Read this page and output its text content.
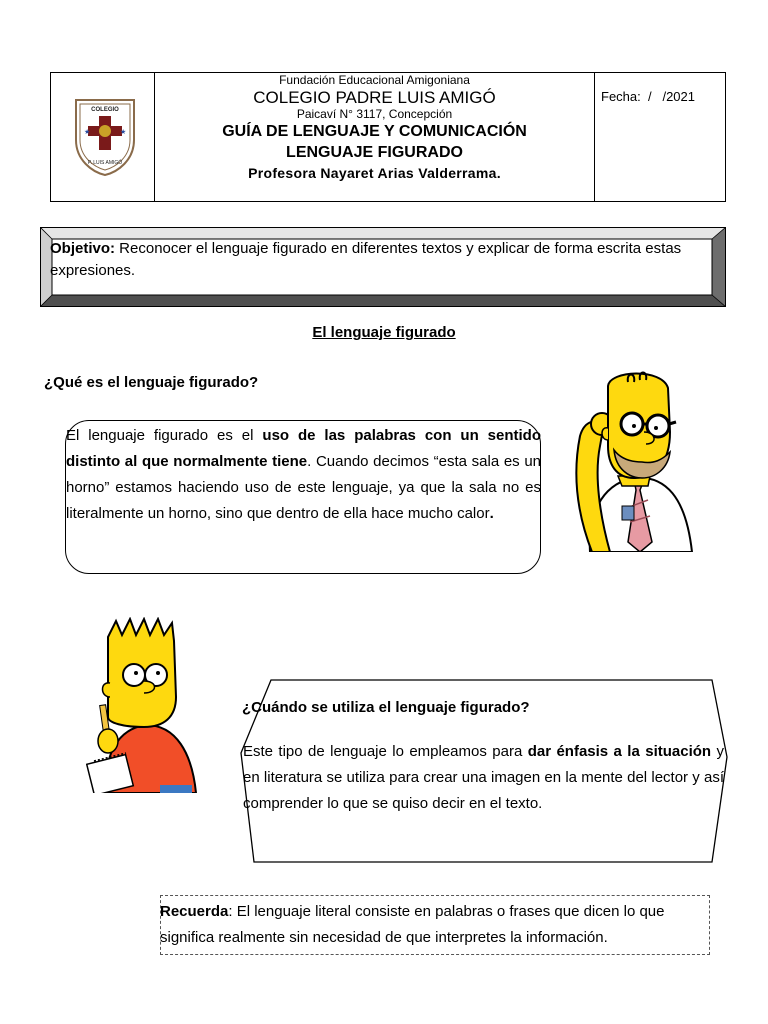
COLEGIO
★	★
P. LUIS AMIGÓ
Fundación Educacional Amigoniana
COLEGIO PADRE LUIS AMIGÓ
Paicaví N° 3117, Concepción
GUÍA DE LENGUAJE Y COMUNICACIÓN
LENGUAJE FIGURADO
Profesora Nayaret Arias Valderrama.
Fecha: / /2021
Objetivo: Reconocer el lenguaje figurado en diferentes textos y explicar de forma escrita estas expresiones.
El lenguaje figurado
¿Qué es el lenguaje figurado?
El lenguaje figurado es el uso de las palabras con un sentido distinto al que normalmente tiene. Cuando decimos “esta sala es un horno” estamos haciendo uso de este lenguaje, ya que la sala no es literalmente un horno, sino que dentro de ella hace mucho calor.
¿Cuándo se utiliza el lenguaje figurado?
Este tipo de lenguaje lo empleamos para dar énfasis a la situación y en literatura se utiliza para crear una imagen en la mente del lector y así comprender lo que se quiso decir en el texto.
Recuerda: El lenguaje literal consiste en palabras o frases que dicen lo que significa realmente sin necesidad de que interpretes la información.
